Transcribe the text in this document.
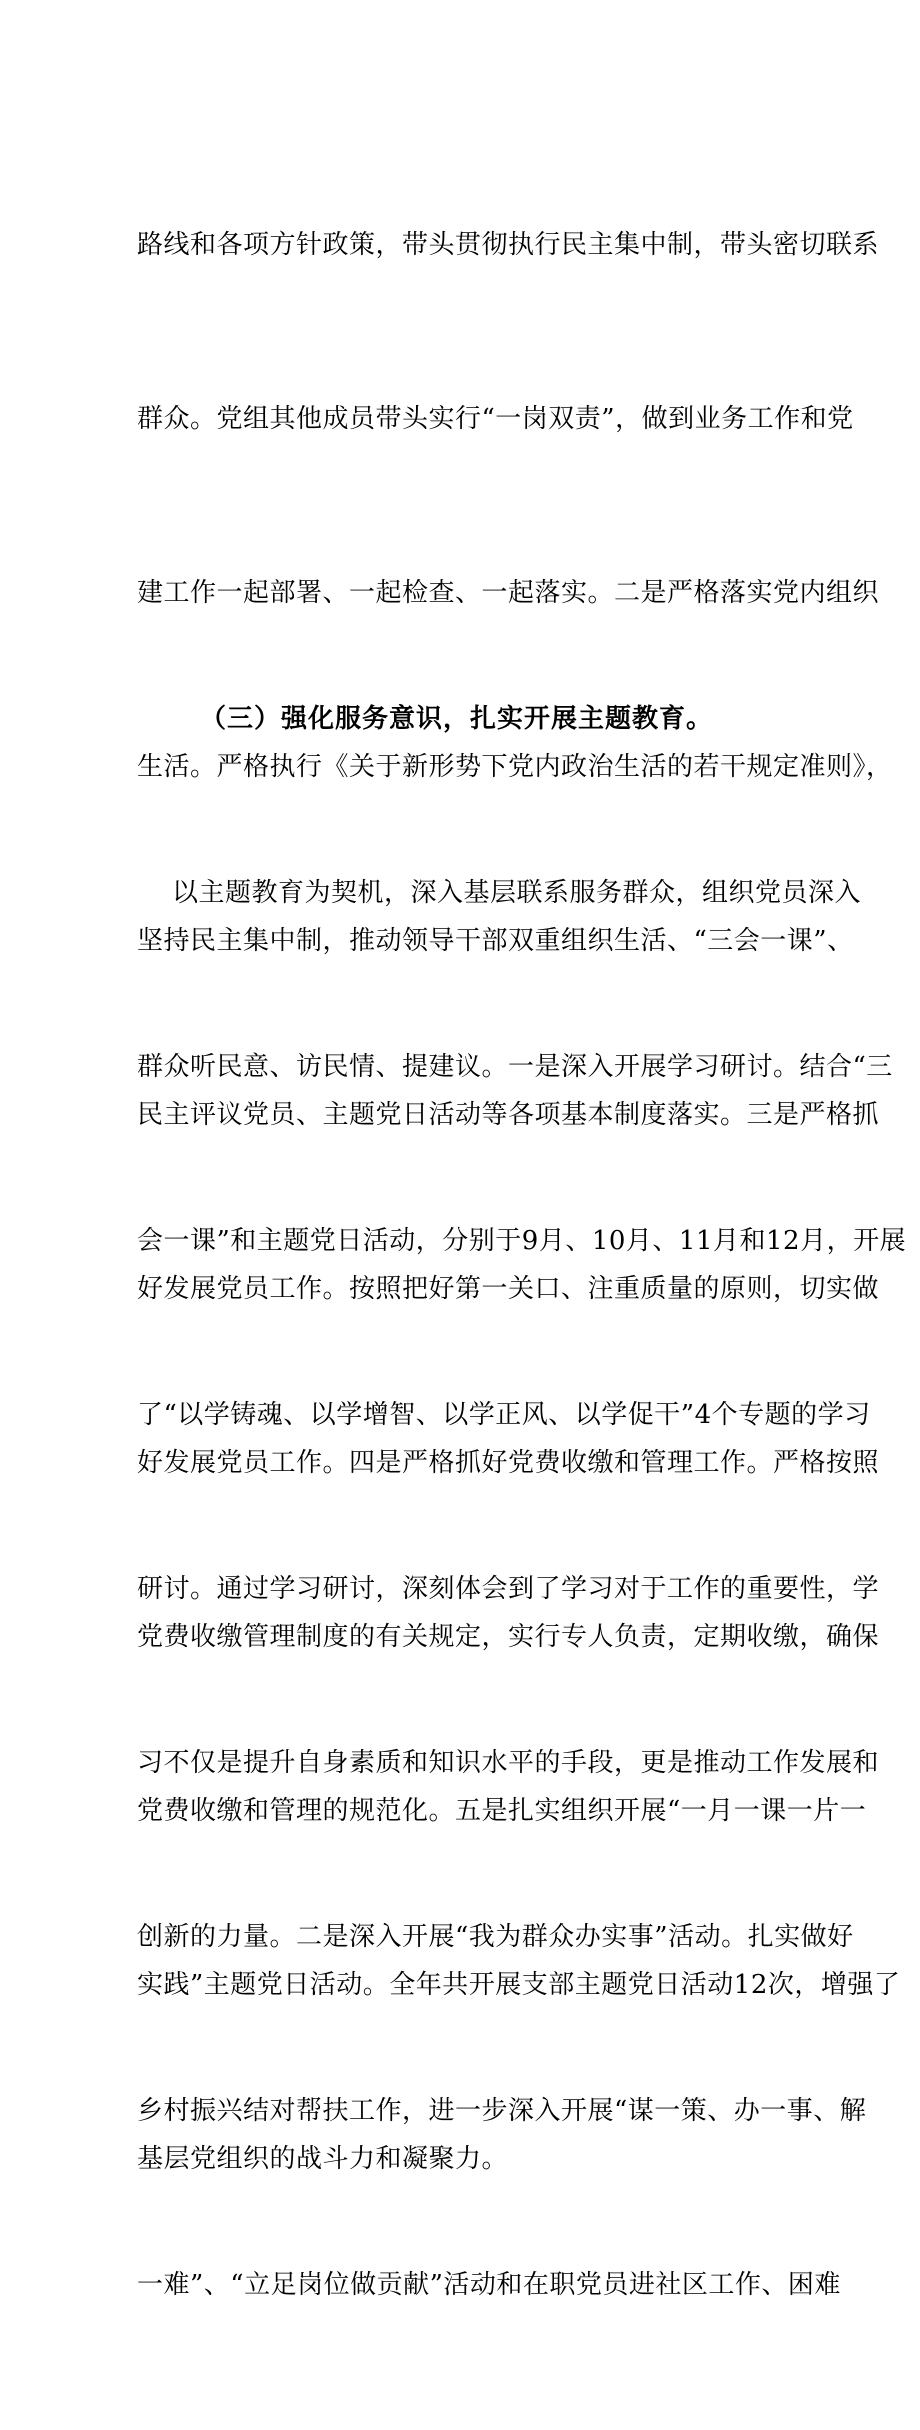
路线和各项方针政策，带头贯彻执行民主集中制，带头密切联系

群众。党组其他成员带头实行“一岗双责”，做到业务工作和党

建工作一起部署、一起检查、一起落实。二是严格落实党内组织

生活。严格执行《关于新形势下党内政治生活的若干规定准则》，

坚持民主集中制，推动领导干部双重组织生活、“三会一课”、

民主评议党员、主题党日活动等各项基本制度落实。三是严格抓

好发展党员工作。按照把好第一关口、注重质量的原则，切实做

好发展党员工作。四是严格抓好党费收缴和管理工作。严格按照

党费收缴管理制度的有关规定，实行专人负责，定期收缴，确保

党费收缴和管理的规范化。五是扎实组织开展“一月一课一片一

实践”主题党日活动。全年共开展支部主题党日活动12次，增强了

基层党组织的战斗力和凝聚力。

（三）强化服务意识，扎实开展主题教育。

以主题教育为契机，深入基层联系服务群众，组织党员深入

群众听民意、访民情、提建议。一是深入开展学习研讨。结合“三

会一课”和主题党日活动，分别于9月、10月、11月和12月，开展

了“以学铸魂、以学增智、以学正风、以学促干”4个专题的学习

研讨。通过学习研讨，深刻体会到了学习对于工作的重要性，学

习不仅是提升自身素质和知识水平的手段，更是推动工作发展和

创新的力量。二是深入开展“我为群众办实事”活动。扎实做好

乡村振兴结对帮扶工作，进一步深入开展“谋一策、办一事、解

一难”、“立足岗位做贡献”活动和在职党员进社区工作、困难
